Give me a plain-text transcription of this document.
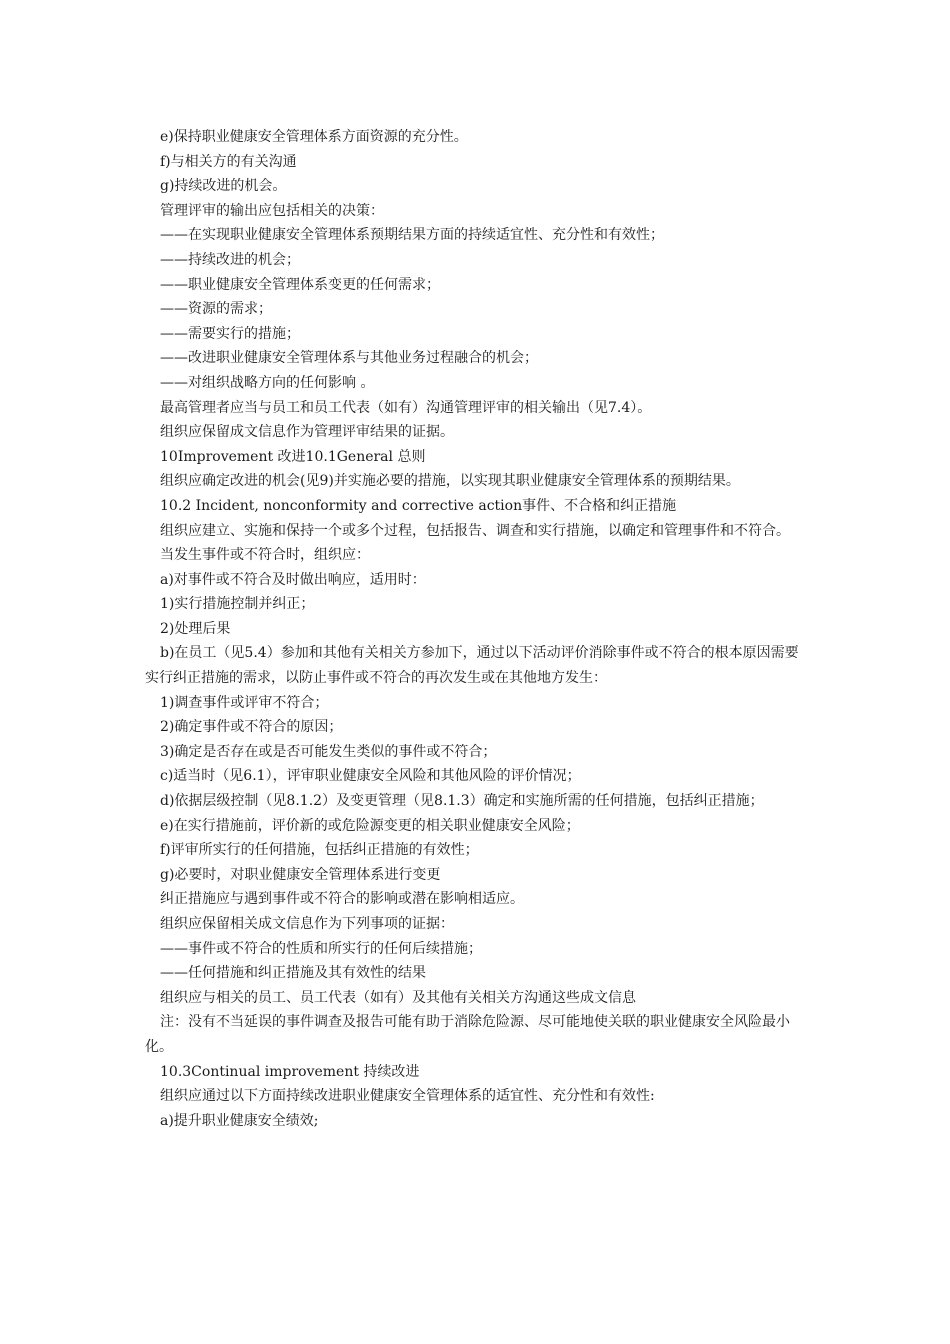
e)保持职业健康安全管理体系方面资源的充分性。

f)与相关方的有关沟通

g)持续改进的机会。

管理评审的输出应包括相关的决策：

——在实现职业健康安全管理体系预期结果方面的持续适宜性、充分性和有效性；

——持续改进的机会；

——职业健康安全管理体系变更的任何需求；

——资源的需求；

——需要实行的措施；

——改进职业健康安全管理体系与其他业务过程融合的机会；

——对组织战略方向的任何影响 。

最高管理者应当与员工和员工代表（如有）沟通管理评审的相关输出（见7.4）。

组织应保留成文信息作为管理评审结果的证据。

10Improvement 改进10.1General 总则

组织应确定改进的机会(见9)并实施必要的措施，以实现其职业健康安全管理体系的预期结果。

10.2 Incident, nonconformity and corrective action事件、不合格和纠正措施

组织应建立、实施和保持一个或多个过程，包括报告、调查和实行措施，以确定和管理事件和不符合。

当发生事件或不符合时，组织应：

a)对事件或不符合及时做出响应，适用时：

1)实行措施控制并纠正；

2)处理后果

b)在员工（见5.4）参加和其他有关相关方参加下，通过以下活动评价消除事件或不符合的根本原因需要实行纠正措施的需求，以防止事件或不符合的再次发生或在其他地方发生：

1)调查事件或评审不符合；

2)确定事件或不符合的原因；

3)确定是否存在或是否可能发生类似的事件或不符合；

c)适当时（见6.1），评审职业健康安全风险和其他风险的评价情况；

d)依据层级控制（见8.1.2）及变更管理（见8.1.3）确定和实施所需的任何措施，包括纠正措施；

e)在实行措施前，评价新的或危险源变更的相关职业健康安全风险；

f)评审所实行的任何措施，包括纠正措施的有效性；

g)必要时，对职业健康安全管理体系进行变更

纠正措施应与遇到事件或不符合的影响或潜在影响相适应。

组织应保留相关成文信息作为下列事项的证据：

——事件或不符合的性质和所实行的任何后续措施；

——任何措施和纠正措施及其有效性的结果

组织应与相关的员工、员工代表（如有）及其他有关相关方沟通这些成文信息

注：没有不当延误的事件调查及报告可能有助于消除危险源、尽可能地使关联的职业健康安全风险最小化。

10.3Continual improvement 持续改进

组织应通过以下方面持续改进职业健康安全管理体系的适宜性、充分性和有效性:

a)提升职业健康安全绩效;
